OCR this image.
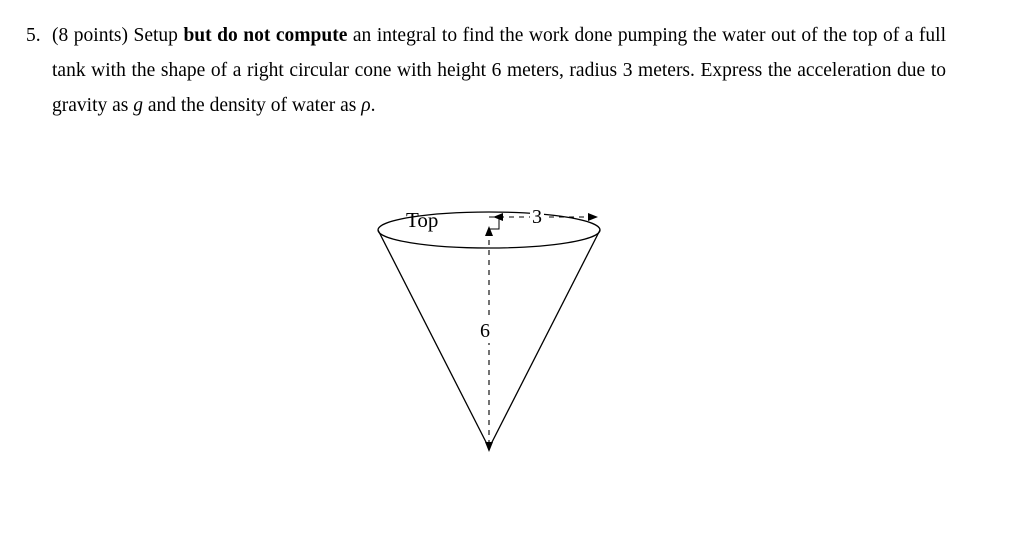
5. (8 points) Setup but do not compute an integral to find the work done pumping the water out of the top of a full tank with the shape of a right circular cone with height 6 meters, radius 3 meters. Express the acceleration due to gravity as g and the density of water as ρ.
Top	3
6
